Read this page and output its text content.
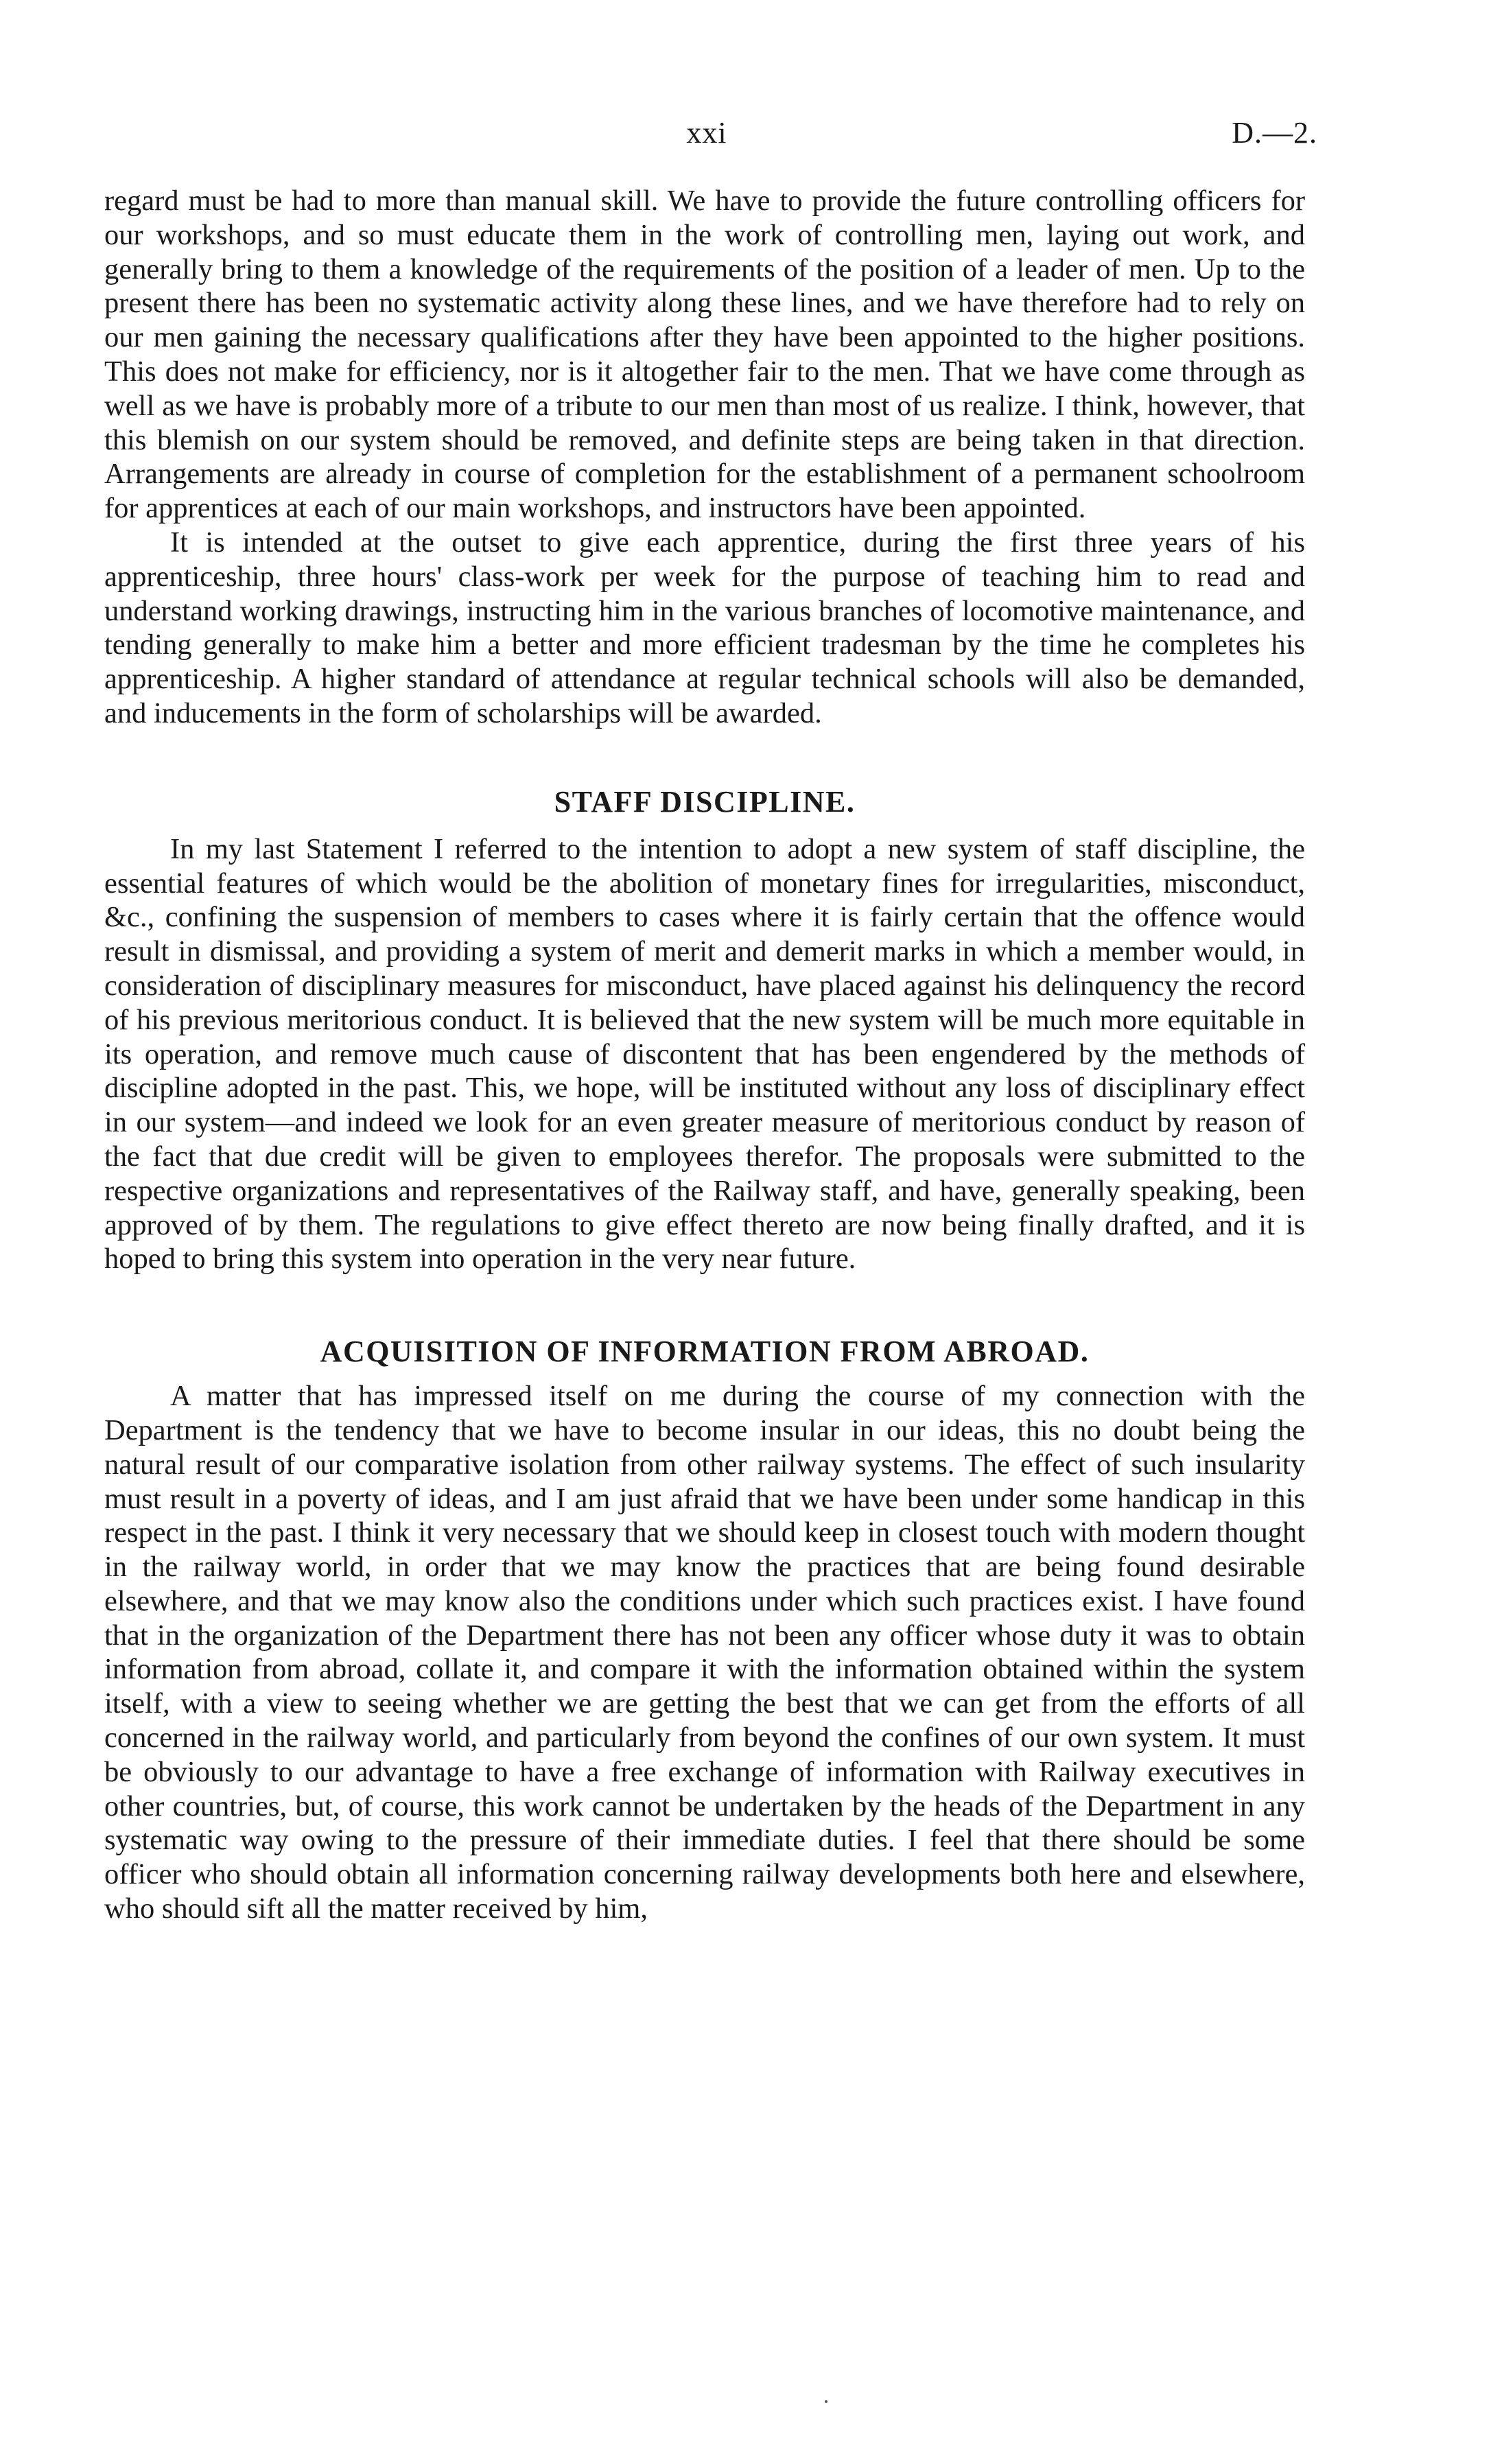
xxi	D.—2.

regard must be had to more than manual skill. We have to provide the future controlling officers for our workshops, and so must educate them in the work of controlling men, laying out work, and generally bring to them a knowledge of the requirements of the position of a leader of men. Up to the present there has been no systematic activity along these lines, and we have therefore had to rely on our men gaining the necessary qualifications after they have been appointed to the higher positions. This does not make for efficiency, nor is it altogether fair to the men. That we have come through as well as we have is probably more of a tribute to our men than most of us realize. I think, however, that this blemish on our system should be removed, and definite steps are being taken in that direction. Arrangements are already in course of completion for the establishment of a permanent schoolroom for apprentices at each of our main workshops, and instructors have been appointed.

It is intended at the outset to give each apprentice, during the first three years of his apprenticeship, three hours' class-work per week for the purpose of teaching him to read and understand working drawings, instructing him in the various branches of locomotive maintenance, and tending generally to make him a better and more efficient tradesman by the time he completes his apprenticeship. A higher standard of attendance at regular technical schools will also be demanded, and inducements in the form of scholarships will be awarded.

STAFF DISCIPLINE.

In my last Statement I referred to the intention to adopt a new system of staff discipline, the essential features of which would be the abolition of monetary fines for irregularities, misconduct, &c., confining the suspension of members to cases where it is fairly certain that the offence would result in dismissal, and providing a system of merit and demerit marks in which a member would, in consideration of disciplinary measures for misconduct, have placed against his delinquency the record of his previous meritorious conduct. It is believed that the new system will be much more equitable in its operation, and remove much cause of discontent that has been engendered by the methods of discipline adopted in the past. This, we hope, will be instituted without any loss of disciplinary effect in our system—and indeed we look for an even greater measure of meritorious conduct by reason of the fact that due credit will be given to employees therefor. The proposals were submitted to the respective organizations and representatives of the Railway staff, and have, generally speaking, been approved of by them. The regulations to give effect thereto are now being finally drafted, and it is hoped to bring this system into operation in the very near future.

ACQUISITION OF INFORMATION FROM ABROAD.

A matter that has impressed itself on me during the course of my connection with the Department is the tendency that we have to become insular in our ideas, this no doubt being the natural result of our comparative isolation from other railway systems. The effect of such insularity must result in a poverty of ideas, and I am just afraid that we have been under some handicap in this respect in the past. I think it very necessary that we should keep in closest touch with modern thought in the railway world, in order that we may know the practices that are being found desirable elsewhere, and that we may know also the conditions under which such practices exist. I have found that in the organization of the Department there has not been any officer whose duty it was to obtain information from abroad, collate it, and compare it with the information obtained within the system itself, with a view to seeing whether we are getting the best that we can get from the efforts of all concerned in the railway world, and particularly from beyond the confines of our own system. It must be obviously to our advantage to have a free exchange of information with Railway executives in other countries, but, of course, this work cannot be undertaken by the heads of the Department in any systematic way owing to the pressure of their immediate duties. I feel that there should be some officer who should obtain all information concerning railway developments both here and elsewhere, who should sift all the matter received by him,
